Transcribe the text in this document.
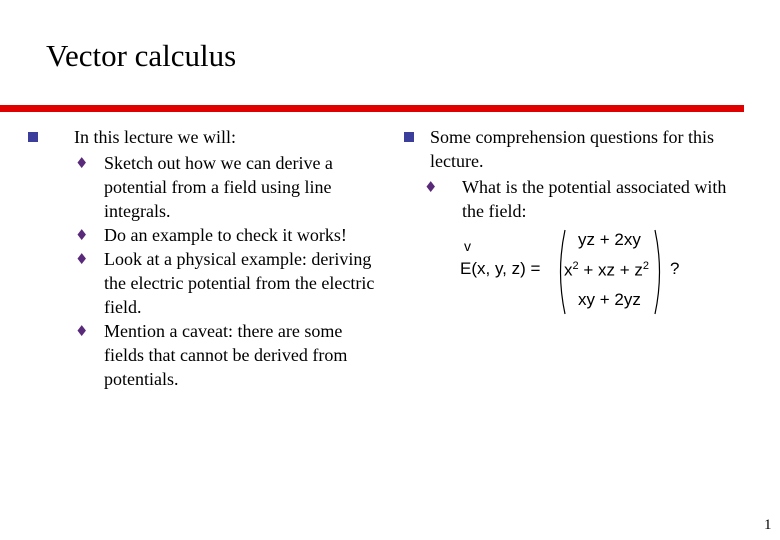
Vector calculus
In this lecture we will:
♦ Sketch out how we can derive a potential from a field using line integrals.
♦ Do an example to check it works!
♦ Look at a physical example: deriving the electric potential from the electric field.
♦ Mention a caveat: there are some fields that cannot be derived from potentials.
Some comprehension questions for this lecture.
♦ What is the potential associated with the field:
v
E(x, y, z) =
yz + 2xy
$x^2$ + xz + $z^2$
xy + 2yz
?
1
